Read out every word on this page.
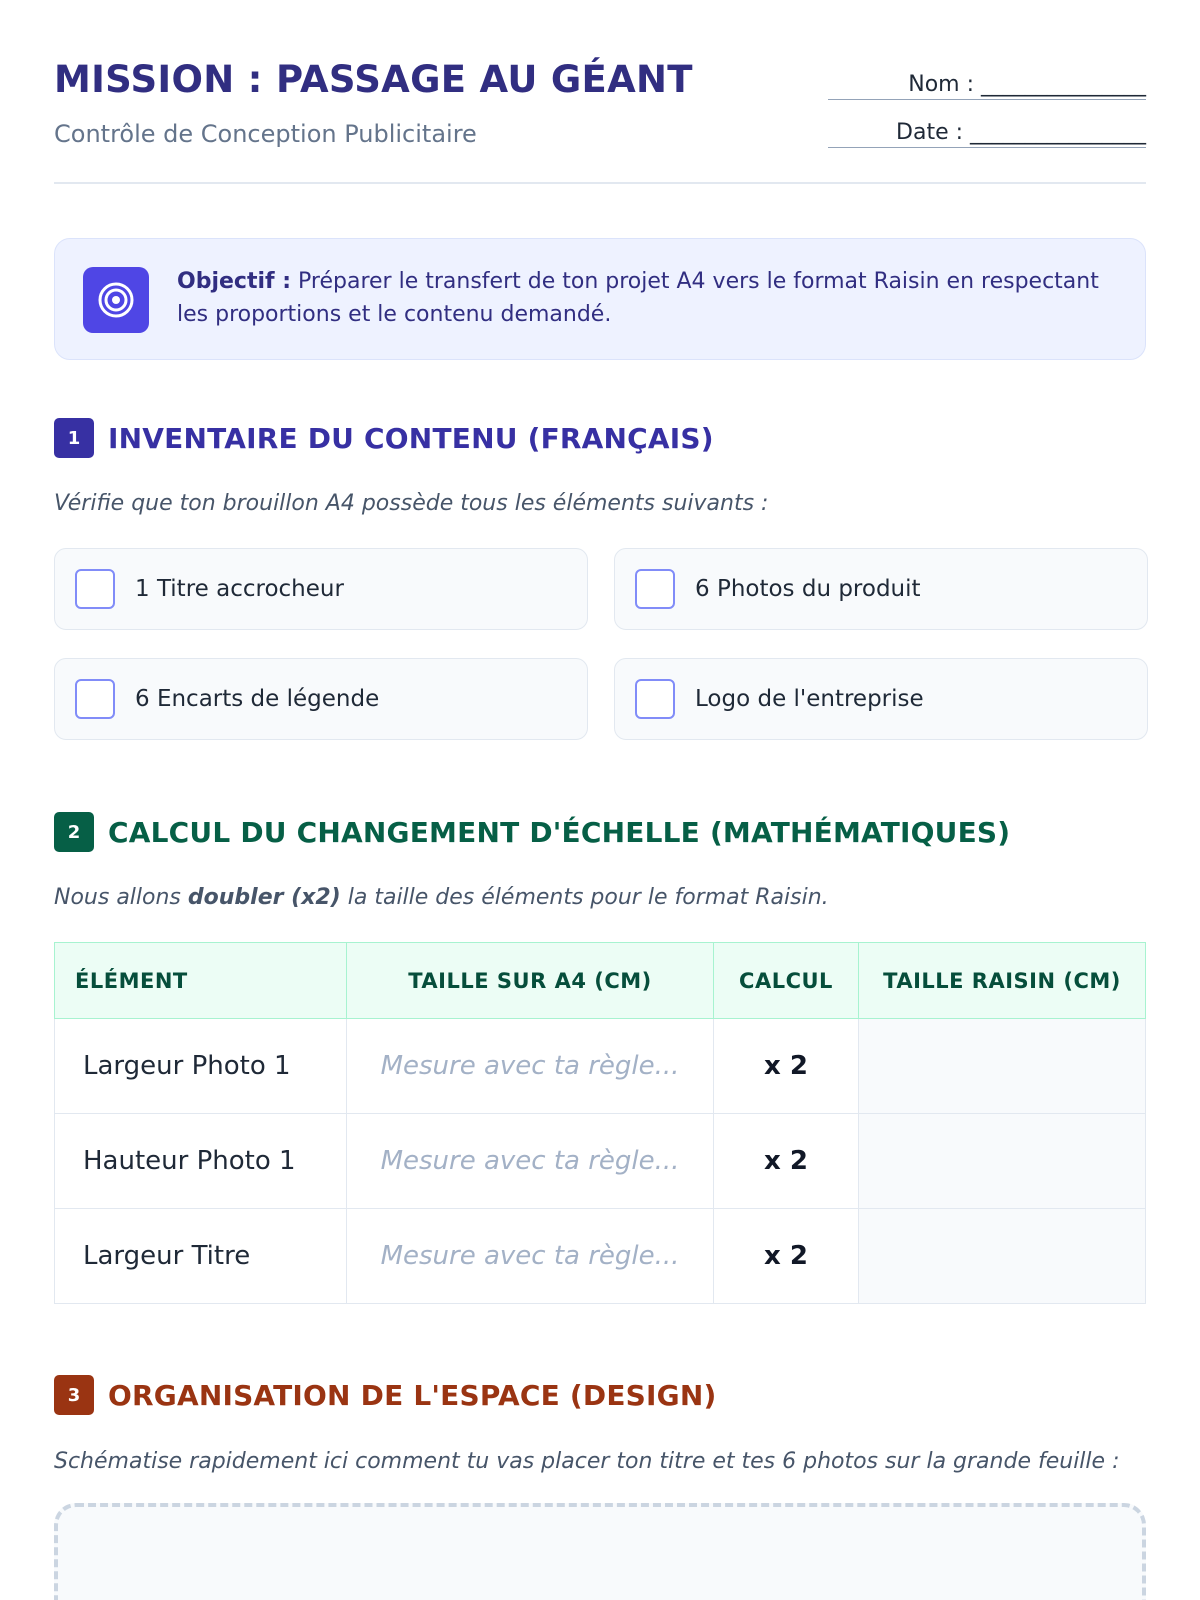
MISSION : PASSAGE AU GÉANT
Contrôle de Conception Publicitaire
Nom : _______________
Date : ________________
Objectif : Préparer le transfert de ton projet A4 vers le format Raisin en respectant les proportions et le contenu demandé.
1 INVENTAIRE DU CONTENU (FRANÇAIS)
Vérifie que ton brouillon A4 possède tous les éléments suivants :
1 Titre accrocheur	6 Photos du produit
6 Encarts de légende	Logo de l'entreprise
2 CALCUL DU CHANGEMENT D'ÉCHELLE (MATHÉMATIQUES)
Nous allons doubler (x2) la taille des éléments pour le format Raisin.
ÉLÉMENT	TAILLE SUR A4 (CM)	CALCUL	TAILLE RAISIN (CM)
Largeur Photo 1	Mesure avec ta règle...	x 2	
Hauteur Photo 1	Mesure avec ta règle...	x 2	
Largeur Titre	Mesure avec ta règle...	x 2	
3 ORGANISATION DE L'ESPACE (DESIGN)
Schématise rapidement ici comment tu vas placer ton titre et tes 6 photos sur la grande feuille :
